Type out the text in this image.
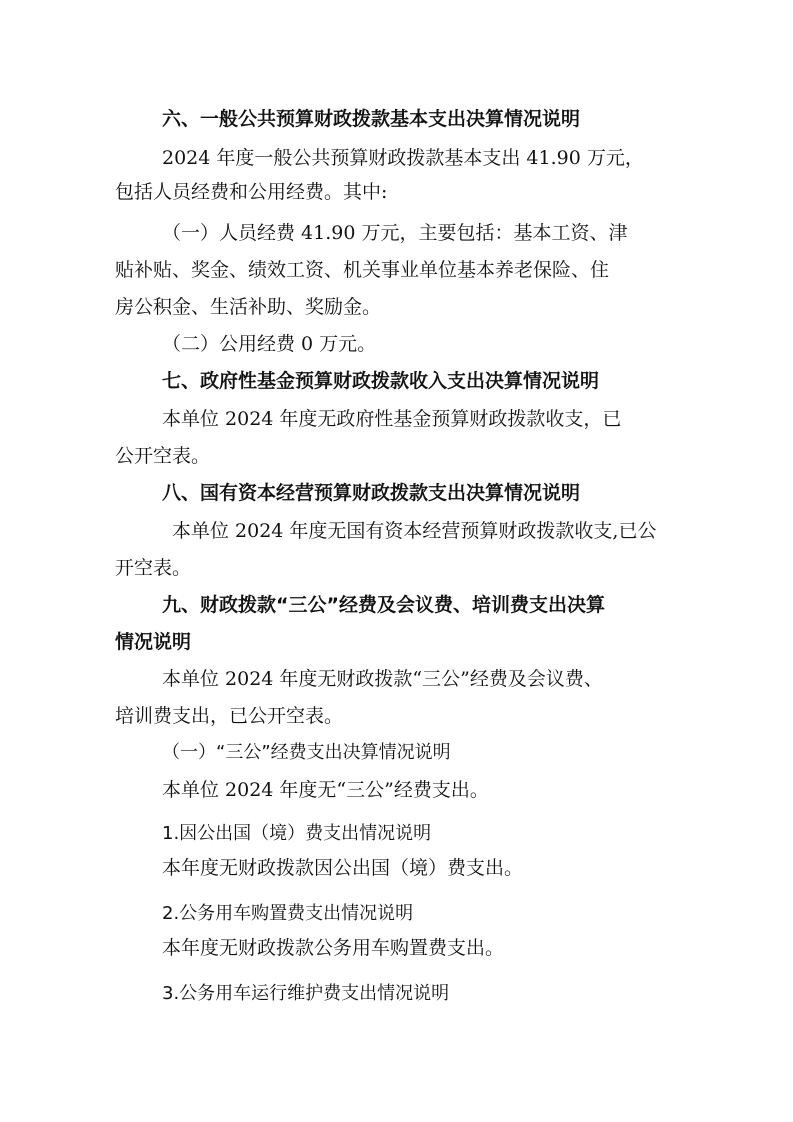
六、一般公共预算财政拨款基本支出决算情况说明

2024 年度一般公共预算财政拨款基本支出 41.90 万元，

包括人员经费和公用经费。其中:

（一）人员经费 41.90 万元，主要包括：基本工资、津

贴补贴、奖金、绩效工资、机关事业单位基本养老保险、住

房公积金、生活补助、奖励金。

（二）公用经费 0 万元。

七、政府性基金预算财政拨款收入支出决算情况说明

本单位 2024 年度无政府性基金预算财政拨款收支，已

公开空表。

八、国有资本经营预算财政拨款支出决算情况说明

本单位 2024 年度无国有资本经营预算财政拨款收支,已公

开空表。

九、财政拨款“三公”经费及会议费、培训费支出决算

情况说明

本单位 2024 年度无财政拨款“三公”经费及会议费、

培训费支出，已公开空表。

（一）“三公”经费支出决算情况说明

本单位 2024 年度无“三公”经费支出。

1.因公出国（境）费支出情况说明

本年度无财政拨款因公出国（境）费支出。

2.公务用车购置费支出情况说明

本年度无财政拨款公务用车购置费支出。

3.公务用车运行维护费支出情况说明
